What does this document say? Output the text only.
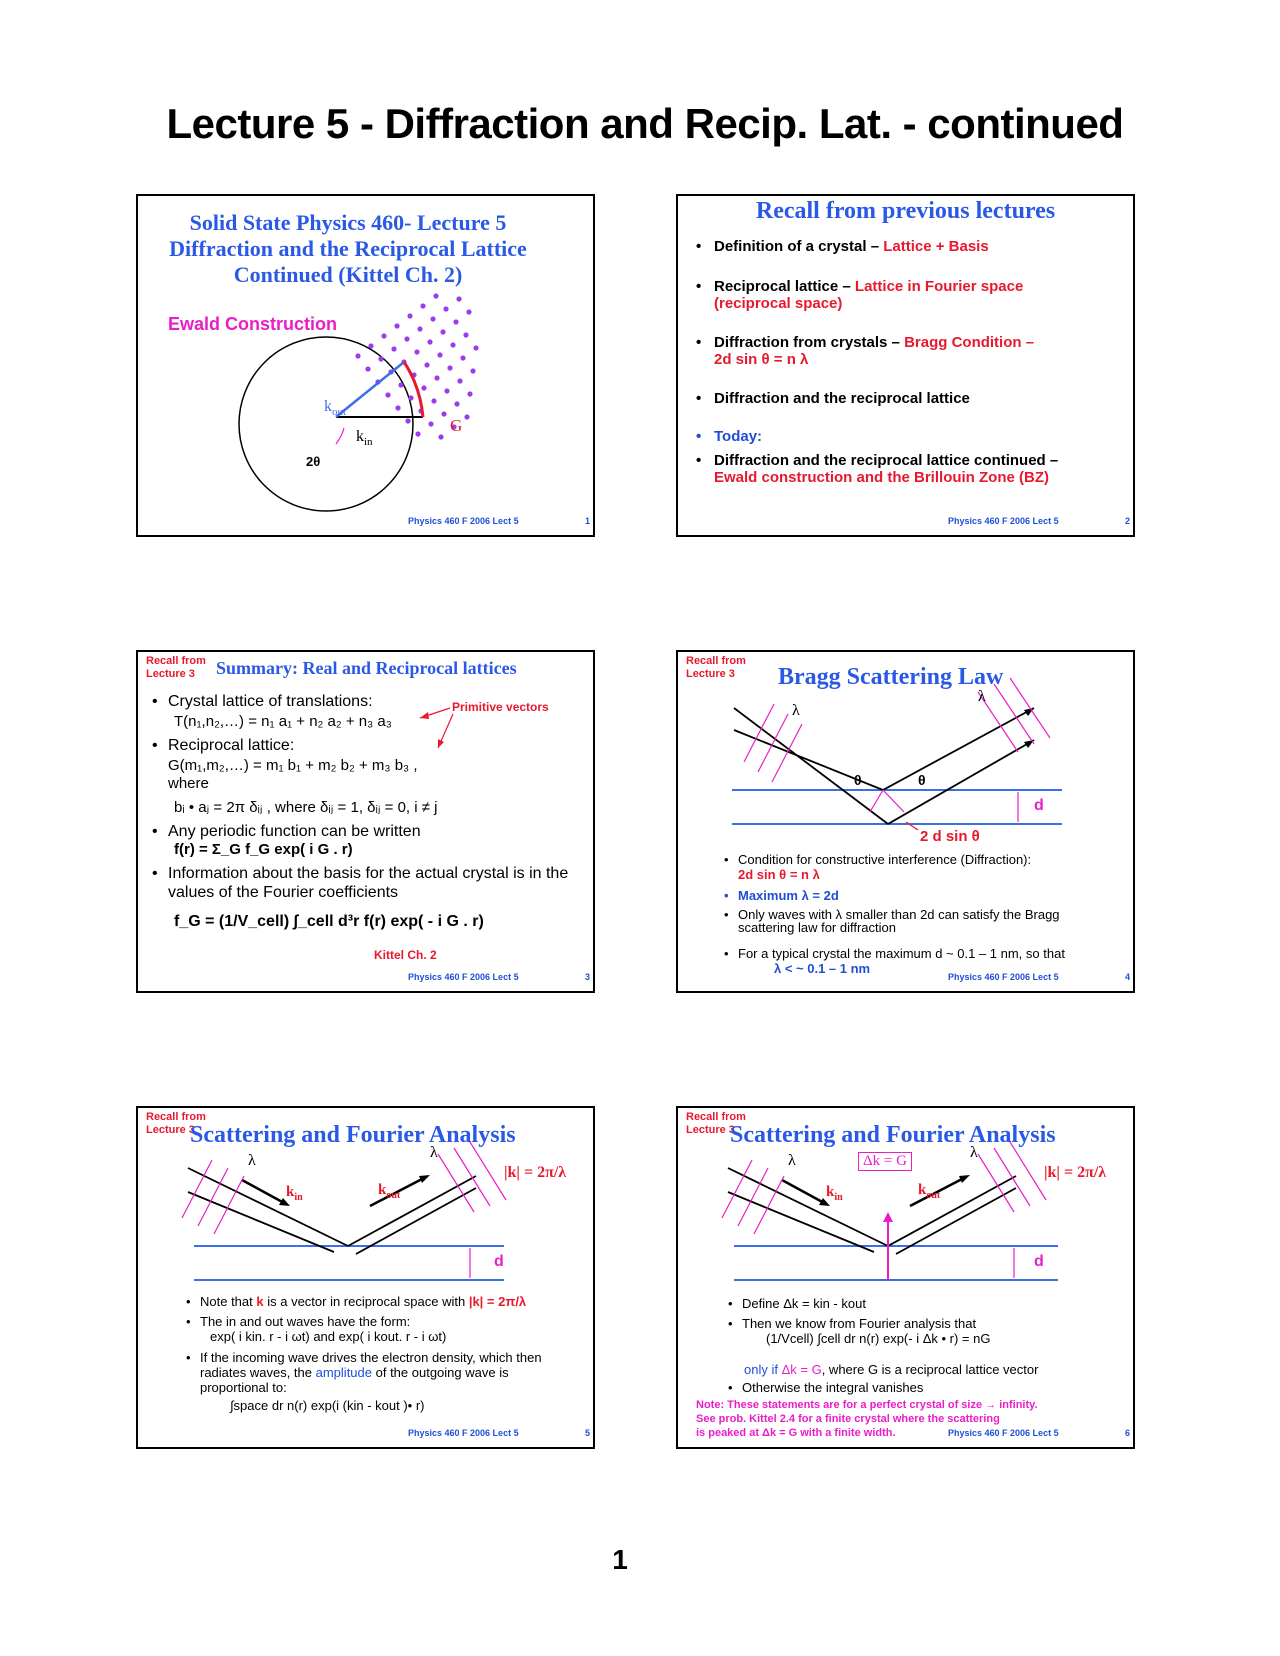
Lecture 5 - Diffraction and Recip. Lat. - continued
Solid State Physics 460- Lecture 5
Diffraction and the Reciprocal Lattice
Continued (Kittel Ch. 2)
Ewald Construction
$k_{out}$
$k_{in}$
G
2θ
Physics 460 F 2006 Lect 5	1
Recall from previous lectures
• Definition of a crystal – Lattice + Basis
• Reciprocal lattice – Lattice in Fourier space
(reciprocal space)
• Diffraction from crystals – Bragg Condition –
2d sin θ = n λ
• Diffraction and the reciprocal lattice
• Today:
• Diffraction and the reciprocal lattice continued –
Ewald construction and the Brillouin Zone (BZ)
Physics 460 F 2006 Lect 5	2
Recall from
Lecture 3	Summary: Real and Reciprocal lattices
• Crystal lattice of translations:	Primitive vectors
T(n₁,n₂,…) = n₁ a₁ + n₂ a₂ + n₃ a₃
• Reciprocal lattice:
G(m₁,m₂,…) = m₁ b₁ + m₂ b₂ + m₃ b₃ ,
where
bᵢ • aⱼ = 2π δᵢⱼ , where δᵢⱼ = 1, δᵢⱼ = 0, i ≠ j
• Any periodic function can be written
f(r) = Σ_G f_G exp( i G . r)
• Information about the basis for the actual crystal is in the values of the Fourier coefficients
f_G = (1/V_cell) ∫_cell d³r f(r) exp( - i G . r)
Kittel Ch. 2
Physics 460 F 2006 Lect 5	3
Recall from
Lecture 3	Bragg Scattering Law
λ
λ
θ	θ
d
2 d sin θ
• Condition for constructive interference (Diffraction):
2d sin θ = n λ
• Maximum λ = 2d
• Only waves with λ smaller than 2d can satisfy the Bragg scattering law for diffraction
• For a typical crystal the maximum d ~ 0.1 – 1 nm, so that
λ < ~ 0.1 – 1 nm
Physics 460 F 2006 Lect 5	4
Recall from
Lecture 3
Scattering and Fourier Analysis
λ	λ
|k| = 2π/λ
$k_{in}$	$k_{out}$
d
• Note that k is a vector in reciprocal space with |k| = 2π/λ
• The in and out waves have the form:
exp( i kin. r - i ωt) and exp( i kout. r - i ωt)
• If the incoming wave drives the electron density, which then radiates waves, the amplitude of the outgoing wave is proportional to:
∫space dr n(r) exp(i (kin - kout )• r)
Physics 460 F 2006 Lect 5	5
Recall from
Lecture 3
Scattering and Fourier Analysis
Δk = G
λ	λ
|k| = 2π/λ
$k_{in}$	$k_{out}$
d
• Define Δk = kin - kout
• Then we know from Fourier analysis that
(1/Vcell) ∫cell dr n(r) exp(- i Δk • r) = nG
only if Δk = G, where G is a reciprocal lattice vector
• Otherwise the integral vanishes
Note: These statements are for a perfect crystal of size → infinity.
See prob. Kittel 2.4 for a finite crystal where the scattering
is peaked at Δk = G with a finite width.	Physics 460 F 2006 Lect 5	6
1
